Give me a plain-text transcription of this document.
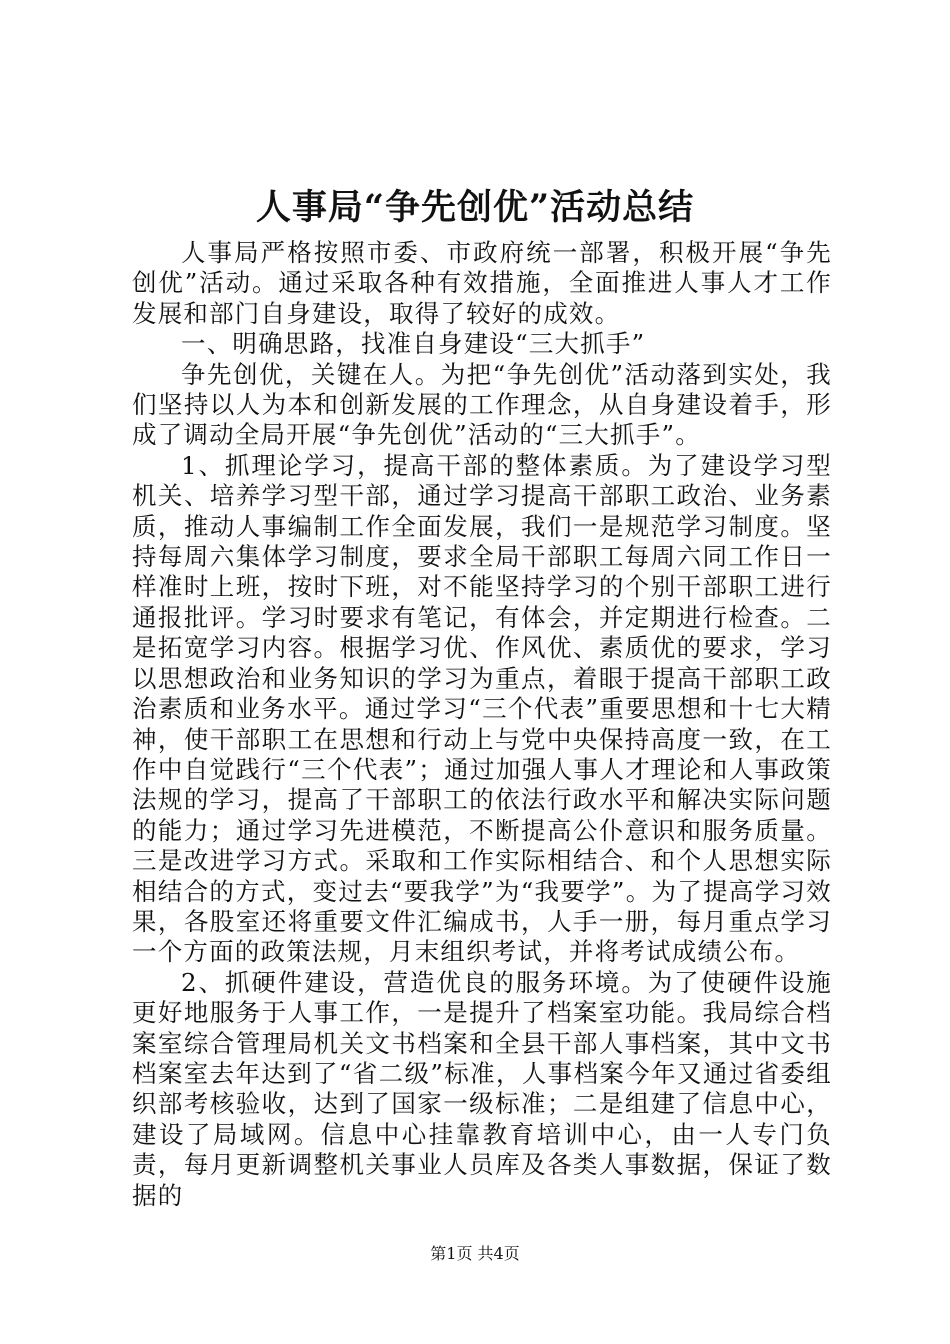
人事局“争先创优”活动总结

人事局严格按照市委、市政府统一部署，积极开展“争先创优”活动。通过采取各种有效措施，全面推进人事人才工作发展和部门自身建设，取得了较好的成效。

一、明确思路，找准自身建设“三大抓手”

争先创优，关键在人。为把“争先创优”活动落到实处，我们坚持以人为本和创新发展的工作理念，从自身建设着手，形成了调动全局开展“争先创优”活动的“三大抓手”。

1、抓理论学习，提高干部的整体素质。为了建设学习型机关、培养学习型干部，通过学习提高干部职工政治、业务素质，推动人事编制工作全面发展，我们一是规范学习制度。坚持每周六集体学习制度，要求全局干部职工每周六同工作日一样准时上班，按时下班，对不能坚持学习的个别干部职工进行通报批评。学习时要求有笔记，有体会，并定期进行检查。二是拓宽学习内容。根据学习优、作风优、素质优的要求，学习以思想政治和业务知识的学习为重点，着眼于提高干部职工政治素质和业务水平。通过学习“三个代表”重要思想和十七大精神，使干部职工在思想和行动上与党中央保持高度一致，在工作中自觉践行“三个代表”；通过加强人事人才理论和人事政策法规的学习，提高了干部职工的依法行政水平和解决实际问题的能力；通过学习先进模范，不断提高公仆意识和服务质量。三是改进学习方式。采取和工作实际相结合、和个人思想实际相结合的方式，变过去“要我学”为“我要学”。为了提高学习效果，各股室还将重要文件汇编成书，人手一册，每月重点学习一个方面的政策法规，月末组织考试，并将考试成绩公布。

2、抓硬件建设，营造优良的服务环境。为了使硬件设施更好地服务于人事工作，一是提升了档案室功能。我局综合档案室综合管理局机关文书档案和全县干部人事档案，其中文书档案室去年达到了“省二级”标准，人事档案今年又通过省委组织部考核验收，达到了国家一级标准；二是组建了信息中心，建设了局域网。信息中心挂靠教育培训中心，由一人专门负责，每月更新调整机关事业人员库及各类人事数据，保证了数据的

第1页 共4页
